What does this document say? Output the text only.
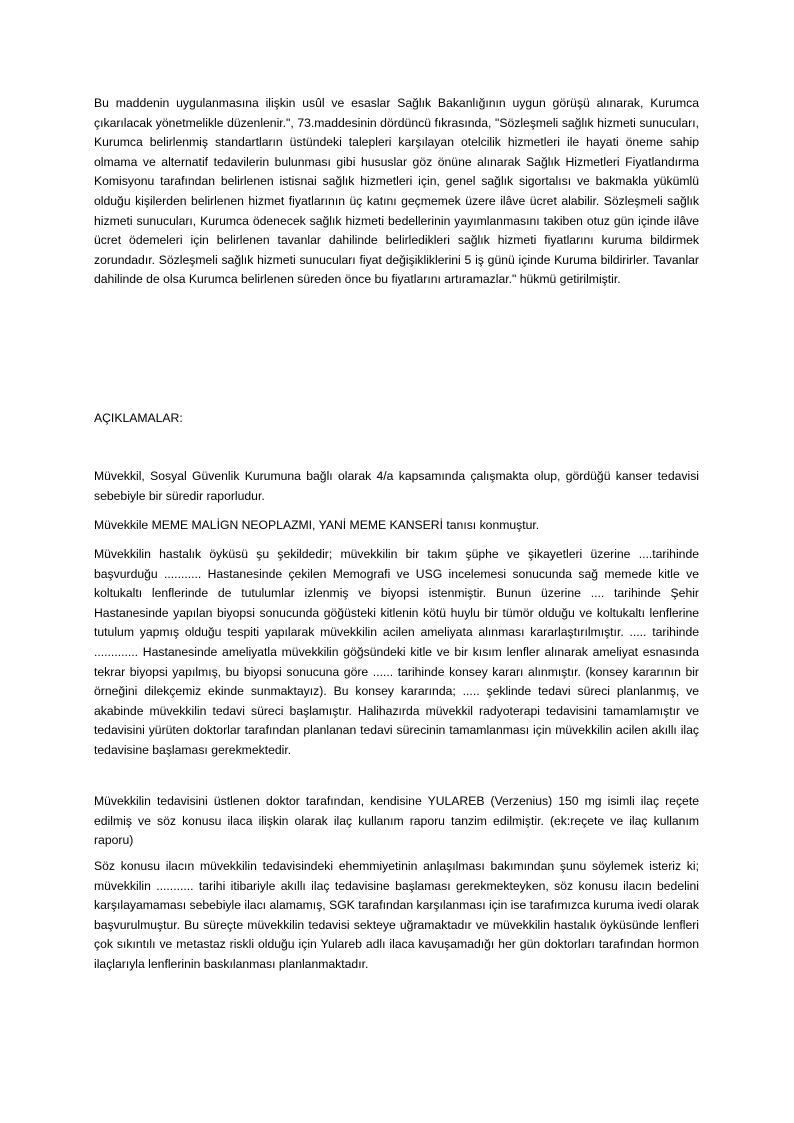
Bu maddenin uygulanmasına ilişkin usûl ve esaslar Sağlık Bakanlığının uygun görüşü alınarak, Kurumca çıkarılacak yönetmelikle düzenlenir.", 73.maddesinin dördüncü fıkrasında, "Sözleşmeli sağlık hizmeti sunucuları, Kurumca belirlenmiş standartların üstündeki talepleri karşılayan otelcilik hizmetleri ile hayati öneme sahip olmama ve alternatif tedavilerin bulunması gibi hususlar göz önüne alınarak Sağlık Hizmetleri Fiyatlandırma Komisyonu tarafından belirlenen istisnai sağlık hizmetleri için, genel sağlık sigortalısı ve bakmakla yükümlü olduğu kişilerden belirlenen hizmet fiyatlarının üç katını geçmemek üzere ilâve ücret alabilir. Sözleşmeli sağlık hizmeti sunucuları, Kurumca ödenecek sağlık hizmeti bedellerinin yayımlanmasını takiben otuz gün içinde ilâve ücret ödemeleri için belirlenen tavanlar dahilinde belirledikleri sağlık hizmeti fiyatlarını kuruma bildirmek zorundadır. Sözleşmeli sağlık hizmeti sunucuları fiyat değişikliklerini 5 iş günü içinde Kuruma bildirirler. Tavanlar dahilinde de olsa Kurumca belirlenen süreden önce bu fiyatlarını artıramazlar." hükmü getirilmiştir.

AÇIKLAMALAR:

Müvekkil, Sosyal Güvenlik Kurumuna bağlı olarak 4/a kapsamında çalışmakta olup, gördüğü kanser tedavisi sebebiyle bir süredir raporludur.

Müvekkile MEME MALİGN NEOPLAZMI, YANİ MEME KANSERİ tanısı konmuştur.

Müvekkilin hastalık öyküsü şu şekildedir; müvekkilin bir takım şüphe ve şikayetleri üzerine ....tarihinde başvurduğu ........... Hastanesinde çekilen Memografi ve USG incelemesi sonucunda sağ memede kitle ve koltukaltı lenflerinde de tutulumlar izlenmiş ve biyopsi istenmiştir. Bunun üzerine .... tarihinde Şehir Hastanesinde yapılan biyopsi sonucunda göğüsteki kitlenin kötü huylu bir tümör olduğu ve koltukaltı lenflerine tutulum yapmış olduğu tespiti yapılarak müvekkilin acilen ameliyata alınması kararlaştırılmıştır. ..... tarihinde ............. Hastanesinde ameliyatla müvekkilin göğsündeki kitle ve bir kısım lenfler alınarak ameliyat esnasında tekrar biyopsi yapılmış, bu biyopsi sonucuna göre ...... tarihinde konsey kararı alınmıştır. (konsey kararının bir örneğini dilekçemiz ekinde sunmaktayız). Bu konsey kararında; ..... şeklinde tedavi süreci planlanmış, ve akabinde müvekkilin tedavi süreci başlamıştır. Halihazırda müvekkil radyoterapi tedavisini tamamlamıştır ve tedavisini yürüten doktorlar tarafından planlanan tedavi sürecinin tamamlanması için müvekkilin acilen akıllı ilaç tedavisine başlaması gerekmektedir.

Müvekkilin tedavisini üstlenen doktor tarafından, kendisine YULAREB (Verzenius) 150 mg isimli ilaç reçete edilmiş ve söz konusu ilaca ilişkin olarak ilaç kullanım raporu tanzim edilmiştir. (ek:reçete ve ilaç kullanım raporu)

Söz konusu ilacın müvekkilin tedavisindeki ehemmiyetinin anlaşılması bakımından şunu söylemek isteriz ki; müvekkilin ........... tarihi itibariyle akıllı ilaç tedavisine başlaması gerekmekteyken, söz konusu ilacın bedelini karşılayamaması sebebiyle ilacı alamamış, SGK tarafından karşılanması için ise tarafımızca kuruma ivedi olarak başvurulmuştur. Bu süreçte müvekkilin tedavisi sekteye uğramaktadır ve müvekkilin hastalık öyküsünde lenfleri çok sıkıntılı ve metastaz riskli olduğu için Yulareb adlı ilaca kavuşamadığı her gün doktorları tarafından hormon ilaçlarıyla lenflerinin baskılanması planlanmaktadır.
